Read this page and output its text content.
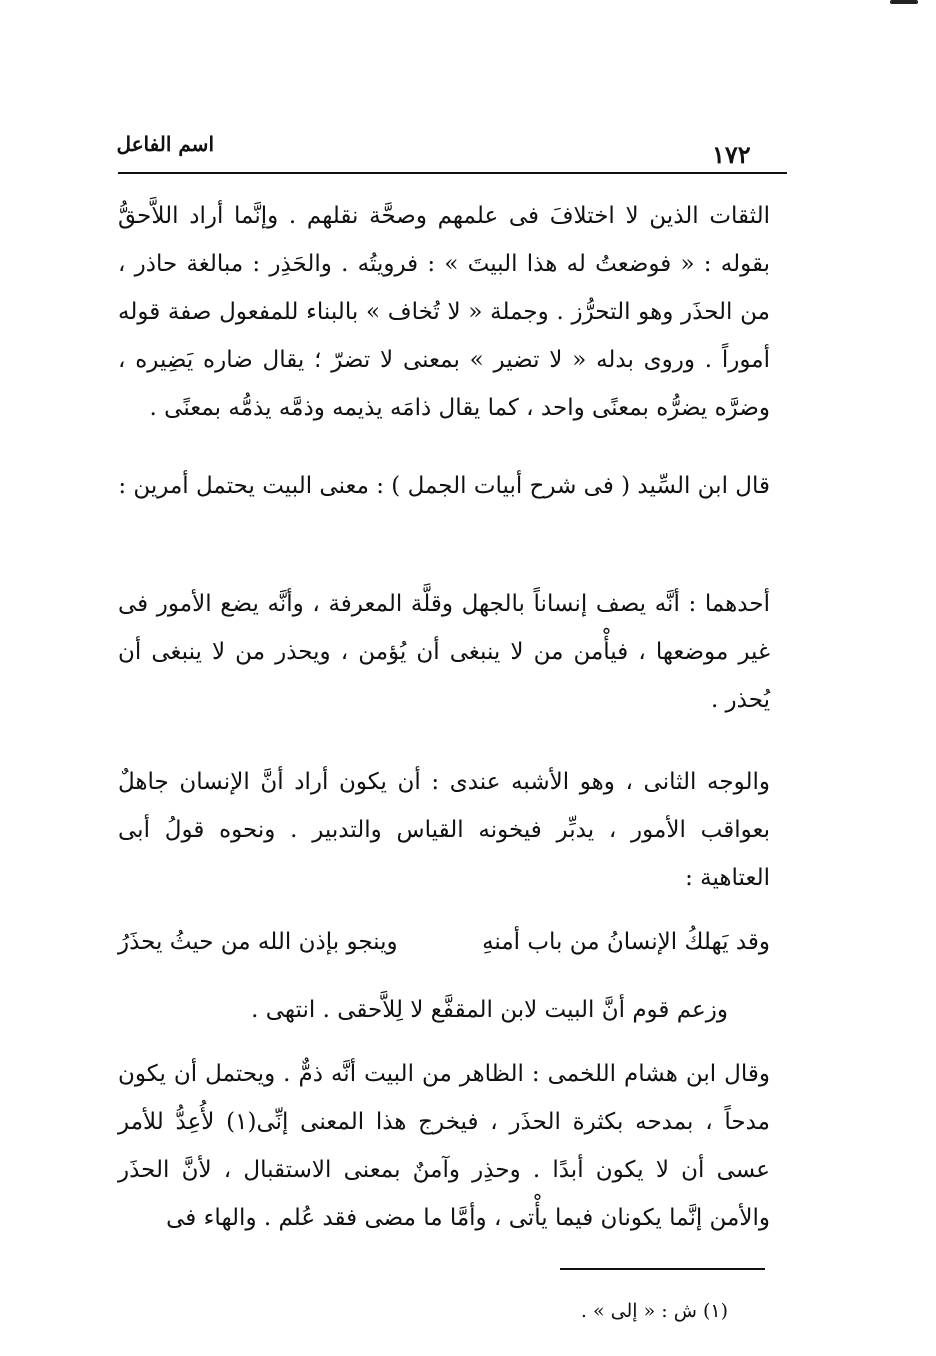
اسم الفاعل	١٧٢
الثقات الذين لا اختلافَ فى علمهم وصحَّة نقلهم . وإنَّما أراد اللاَّحقُّ بقوله : « فوضعتُ له هذا البيتَ » : فرويتُه . والحَذِر : مبالغة حاذر ، من الحذَر وهو التحرُّز . وجملة « لا تُخاف » بالبناء للمفعول صفة قوله أموراً . وروى بدله « لا تضير » بمعنى لا تضرّ ؛ يقال ضاره يَضِيره ، وضرَّه يضرُّه بمعنًى واحد ، كما يقال ذامَه يذيمه وذمَّه يذمُّه بمعنًى .
قال ابن السِّيد ( فى شرح أبيات الجمل ) : معنى البيت يحتمل أمرين :
أحدهما : أنَّه يصف إنساناً بالجهل وقلَّة المعرفة ، وأنَّه يضع الأمور فى غير موضعها ، فيأْمن من لا ينبغى أن يُؤمن ، ويحذر من لا ينبغى أن يُحذر .
والوجه الثانى ، وهو الأشبه عندى : أن يكون أراد أنَّ الإنسان جاهلٌ بعواقب الأمور ، يدبِّر فيخونه القياس والتدبير . ونحوه قولُ أبى العتاهية :
وقد يَهلكُ الإنسانُ من باب أمنهِ
وينجو بإذن الله من حيثُ يحذَرُ
وزعم قوم أنَّ البيت لابن المقفَّع لا لِلاَّحقى . انتهى .
وقال ابن هشام اللخمى : الظاهر من البيت أنَّه ذمٌّ . ويحتمل أن يكون مدحاً ، بمدحه بكثرة الحذَر ، فيخرج هذا المعنى إنِّى(١) لأُعِدُّ للأمر عسى أن لا يكون أبدًا . وحذِر وآمنٌ بمعنى الاستقبال ، لأنَّ الحذَر والأمن إنَّما يكونان فيما يأْتى ، وأمَّا ما مضى فقد عُلم . والهاء فى
(١) ش : « إلى » .
